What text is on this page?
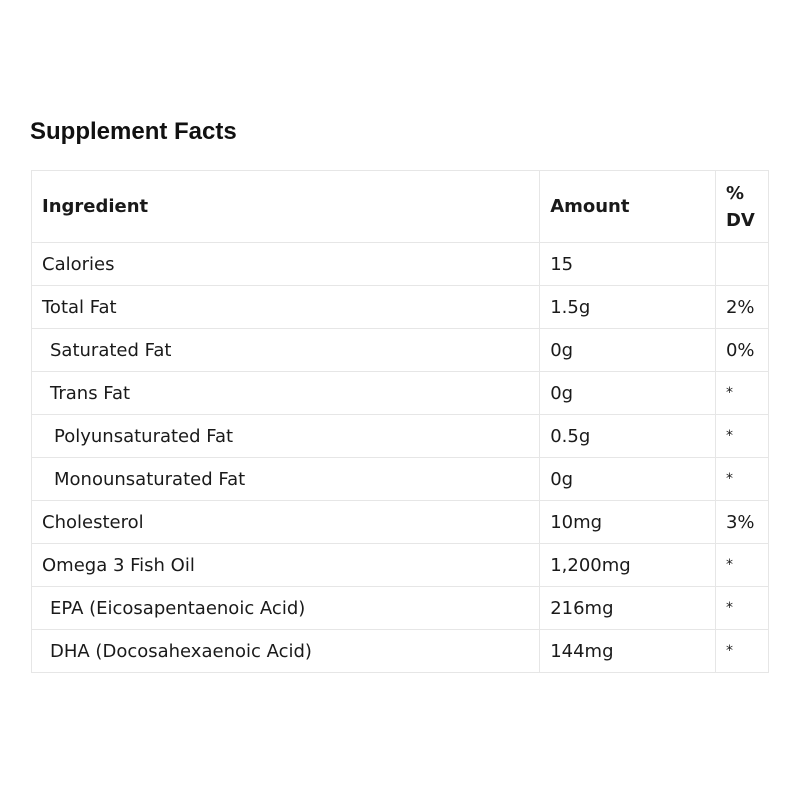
Supplement Facts
Ingredient	Amount	%
DV
Calories	15	
Total Fat	1.5g	2%
Saturated Fat	0g	0%
Trans Fat	0g	*
Polyunsaturated Fat	0.5g	*
Monounsaturated Fat	0g	*
Cholesterol	10mg	3%
Omega 3 Fish Oil	1,200mg	*
EPA (Eicosapentaenoic Acid)	216mg	*
DHA (Docosahexaenoic Acid)	144mg	*
